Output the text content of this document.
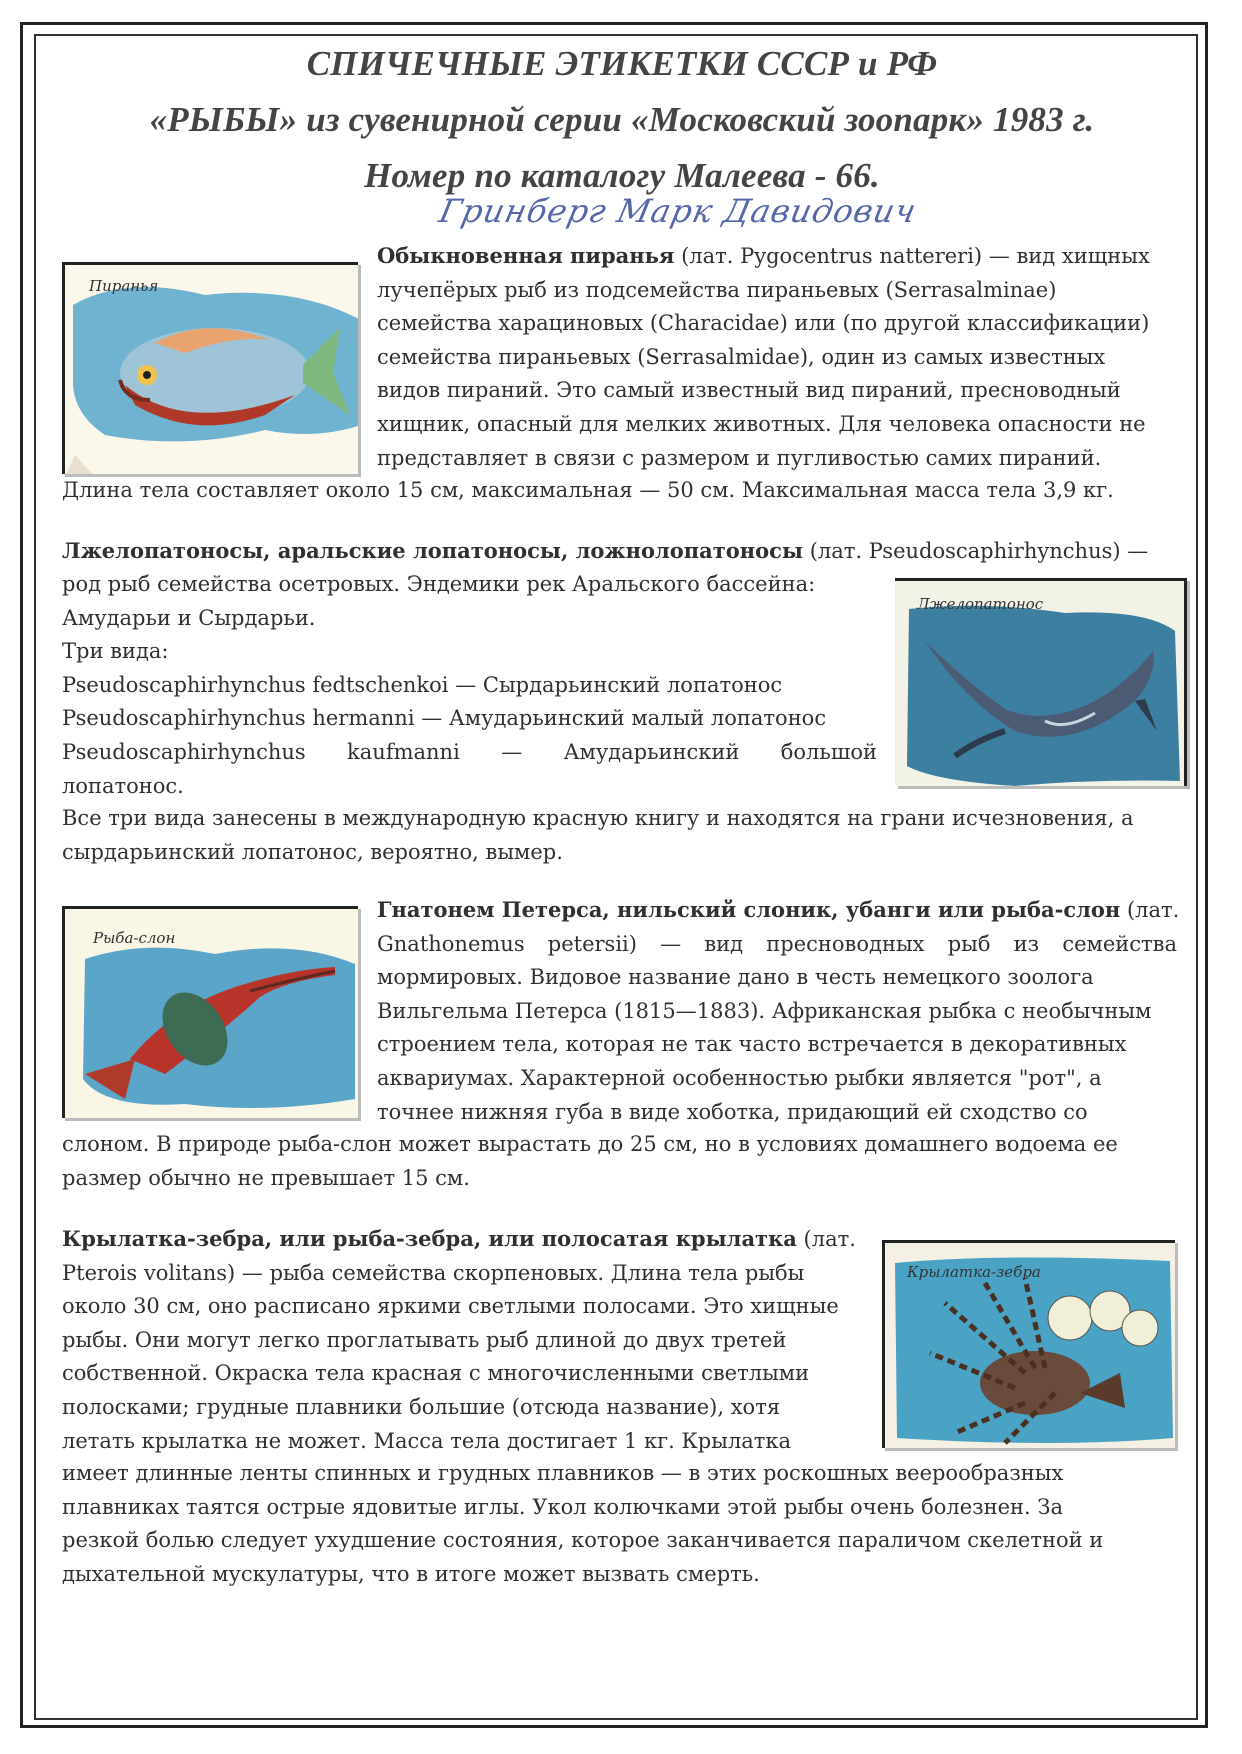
СПИЧЕЧНЫЕ ЭТИКЕТКИ СССР и РФ
«РЫБЫ» из сувенирной серии «Московский зоопарк» 1983 г.
Номер по каталогу Малеева - 66.
Гринберг Марк Давидович
Пиранья

Обыкновенная пиранья (лат. Pygocentrus nattereri) — вид хищных

лучепёрых рыб из подсемейства пираньевых (Serrasalminae)

семейства харациновых (Characidae) или (по другой классификации)

семейства пираньевых (Serrasalmidae), один из самых известных

видов пираний. Это самый известный вид пираний, пресноводный

хищник, опасный для мелких животных. Для человека опасности не

представляет в связи с размером и пугливостью самих пираний.

Длина тела составляет около 15 см, максимальная — 50 см. Максимальная масса тела 3,9 кг.

Лжелопатоносы, аральские лопатоносы, ложнолопатоносы (лат. Pseudoscaphirhynchus) —

род рыб семейства осетровых. Эндемики рек Аральского бассейна:

Амударьи и Сырдарьи.

Три вида:

Pseudoscaphirhynchus fedtschenkoi — Сырдарьинский лопатонос

Pseudoscaphirhynchus hermanni — Амударьинский малый лопатонос

Pseudoscaphirhynchus kaufmanni — Амударьинский большой

лопатонос.

Все три вида занесены в международную красную книгу и находятся на грани исчезновения, а

сырдарьинский лопатонос, вероятно, вымер.

Лжелопатонос
Рыба-слон

Гнатонем Петерса, нильский слоник, убанги или рыба-слон (лат.

Gnathonemus petersii) — вид пресноводных рыб из семейства

мормировых. Видовое название дано в честь немецкого зоолога

Вильгельма Петерса (1815—1883). Африканская рыбка с необычным

строением тела, которая не так часто встречается в декоративных

аквариумах. Характерной особенностью рыбки является "рот", а

точнее нижняя губа в виде хоботка, придающий ей сходство со

слоном. В природе рыба-слон может вырастать до 25 см, но в условиях домашнего водоема ее

размер обычно не превышает 15 см.

Крылатка-зебра, или рыба-зебра, или полосатая крылатка (лат.

Pterois volitans) — рыба семейства скорпеновых. Длина тела рыбы

около 30 см, оно расписано яркими светлыми полосами. Это хищные

рыбы. Они могут легко проглатывать рыб длиной до двух третей

собственной. Окраска тела красная с многочисленными светлыми

полосками; грудные плавники большие (отсюда название), хотя

летать крылатка не может. Масса тела достигает 1 кг. Крылатка

имеет длинные ленты спинных и грудных плавников — в этих роскошных веерообразных

плавниках таятся острые ядовитые иглы. Укол колючками этой рыбы очень болезнен. За

резкой болью следует ухудшение состояния, которое заканчивается параличом скелетной и

дыхательной мускулатуры, что в итоге может вызвать смерть.

Крылатка-зебра
